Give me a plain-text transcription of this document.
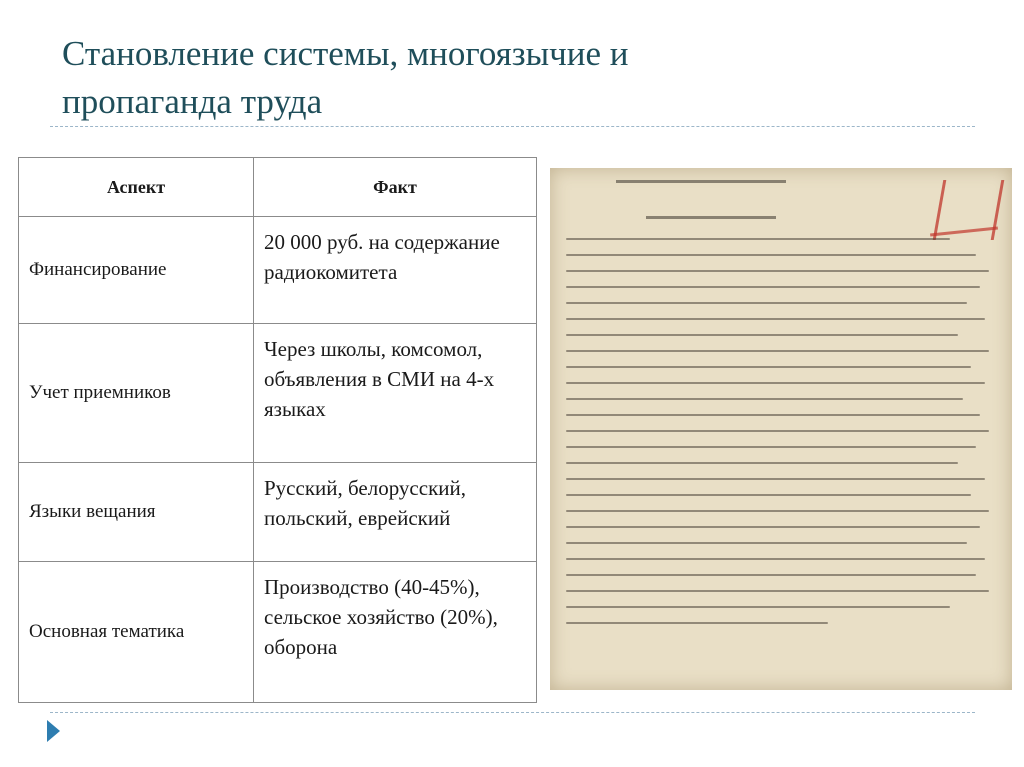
Становление системы, многоязычие и
пропаганда труда
Аспект	Факт

Финансирование	20 000 руб. на содержание радиокомитета

Учет приемников	Через школы, комсомол, объявления в СМИ на 4-х языках

Языки вещания	Русский, белорусский, польский, еврейский

Основная тематика	Производство (40-45%), сельское хозяйство (20%), оборона
